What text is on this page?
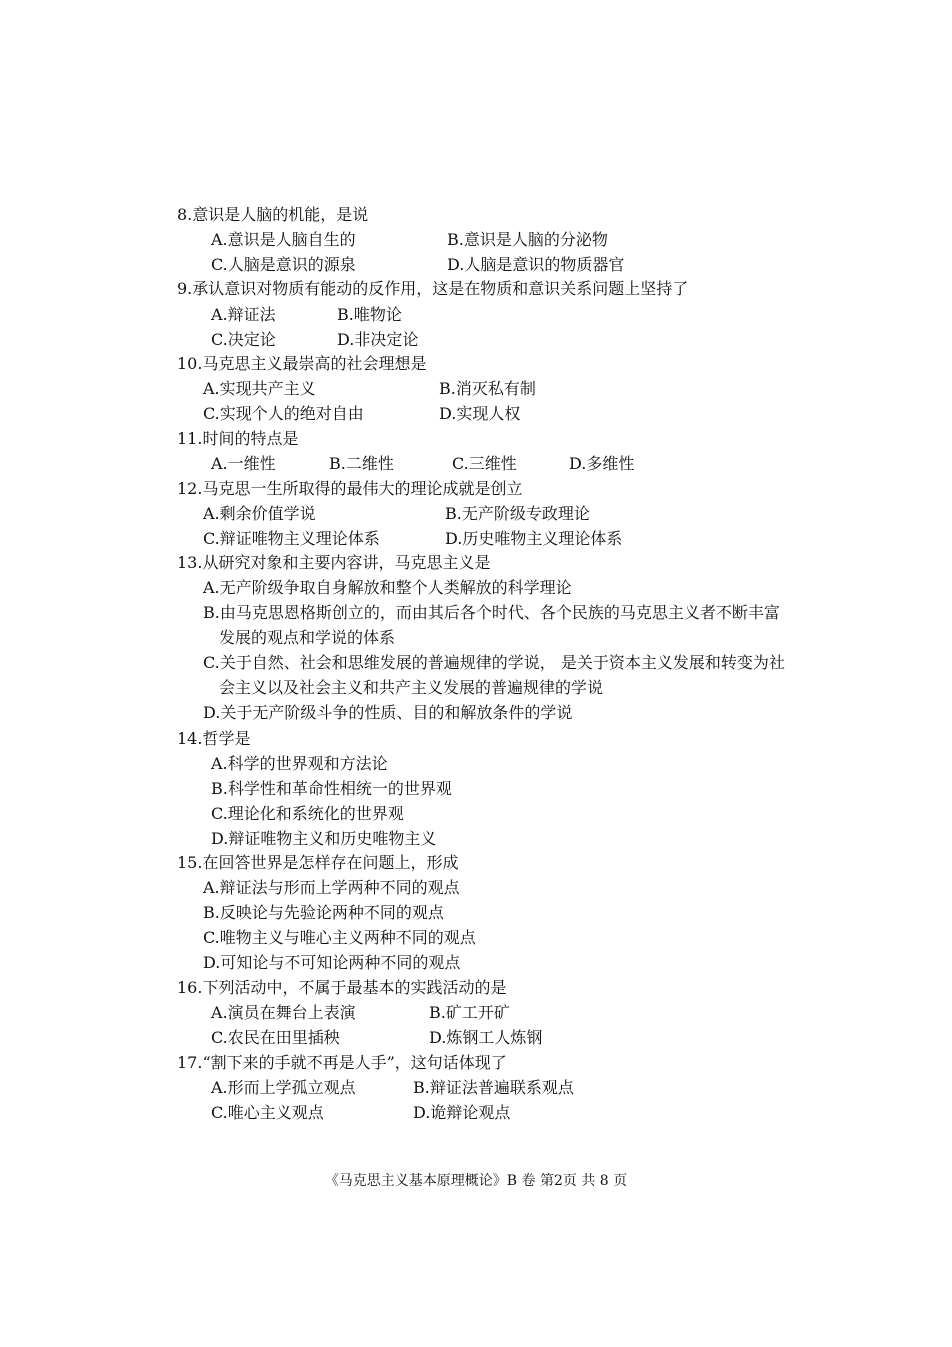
8.意识是人脑的机能，是说
A.意识是人脑自生的	B.意识是人脑的分泌物
C.人脑是意识的源泉	D.人脑是意识的物质器官
9.承认意识对物质有能动的反作用，这是在物质和意识关系问题上坚持了
A.辩证法	B.唯物论
C.决定论	D.非决定论
10.马克思主义最崇高的社会理想是
A.实现共产主义	B.消灭私有制
C.实现个人的绝对自由	D.实现人权
11.时间的特点是
A.一维性	B.二维性	C.三维性	D.多维性
12.马克思一生所取得的最伟大的理论成就是创立
A.剩余价值学说	B.无产阶级专政理论
C.辩证唯物主义理论体系	D.历史唯物主义理论体系
13.从研究对象和主要内容讲，马克思主义是
A.无产阶级争取自身解放和整个人类解放的科学理论
B.由马克思恩格斯创立的，而由其后各个时代、各个民族的马克思主义者不断丰富
发展的观点和学说的体系
C.关于自然、社会和思维发展的普遍规律的学说， 是关于资本主义发展和转变为社
会主义以及社会主义和共产主义发展的普遍规律的学说
D.关于无产阶级斗争的性质、目的和解放条件的学说
14.哲学是
A.科学的世界观和方法论
B.科学性和革命性相统一的世界观
C.理论化和系统化的世界观
D.辩证唯物主义和历史唯物主义
15.在回答世界是怎样存在问题上，形成
A.辩证法与形而上学两种不同的观点
B.反映论与先验论两种不同的观点
C.唯物主义与唯心主义两种不同的观点
D.可知论与不可知论两种不同的观点
16.下列活动中，不属于最基本的实践活动的是
A.演员在舞台上表演	B.矿工开矿
C.农民在田里插秧	D.炼钢工人炼钢
17.“割下来的手就不再是人手”，这句话体现了
A.形而上学孤立观点	B.辩证法普遍联系观点
C.唯心主义观点	D.诡辩论观点
《马克思主义基本原理概论》B 卷 第2页 共 8 页
